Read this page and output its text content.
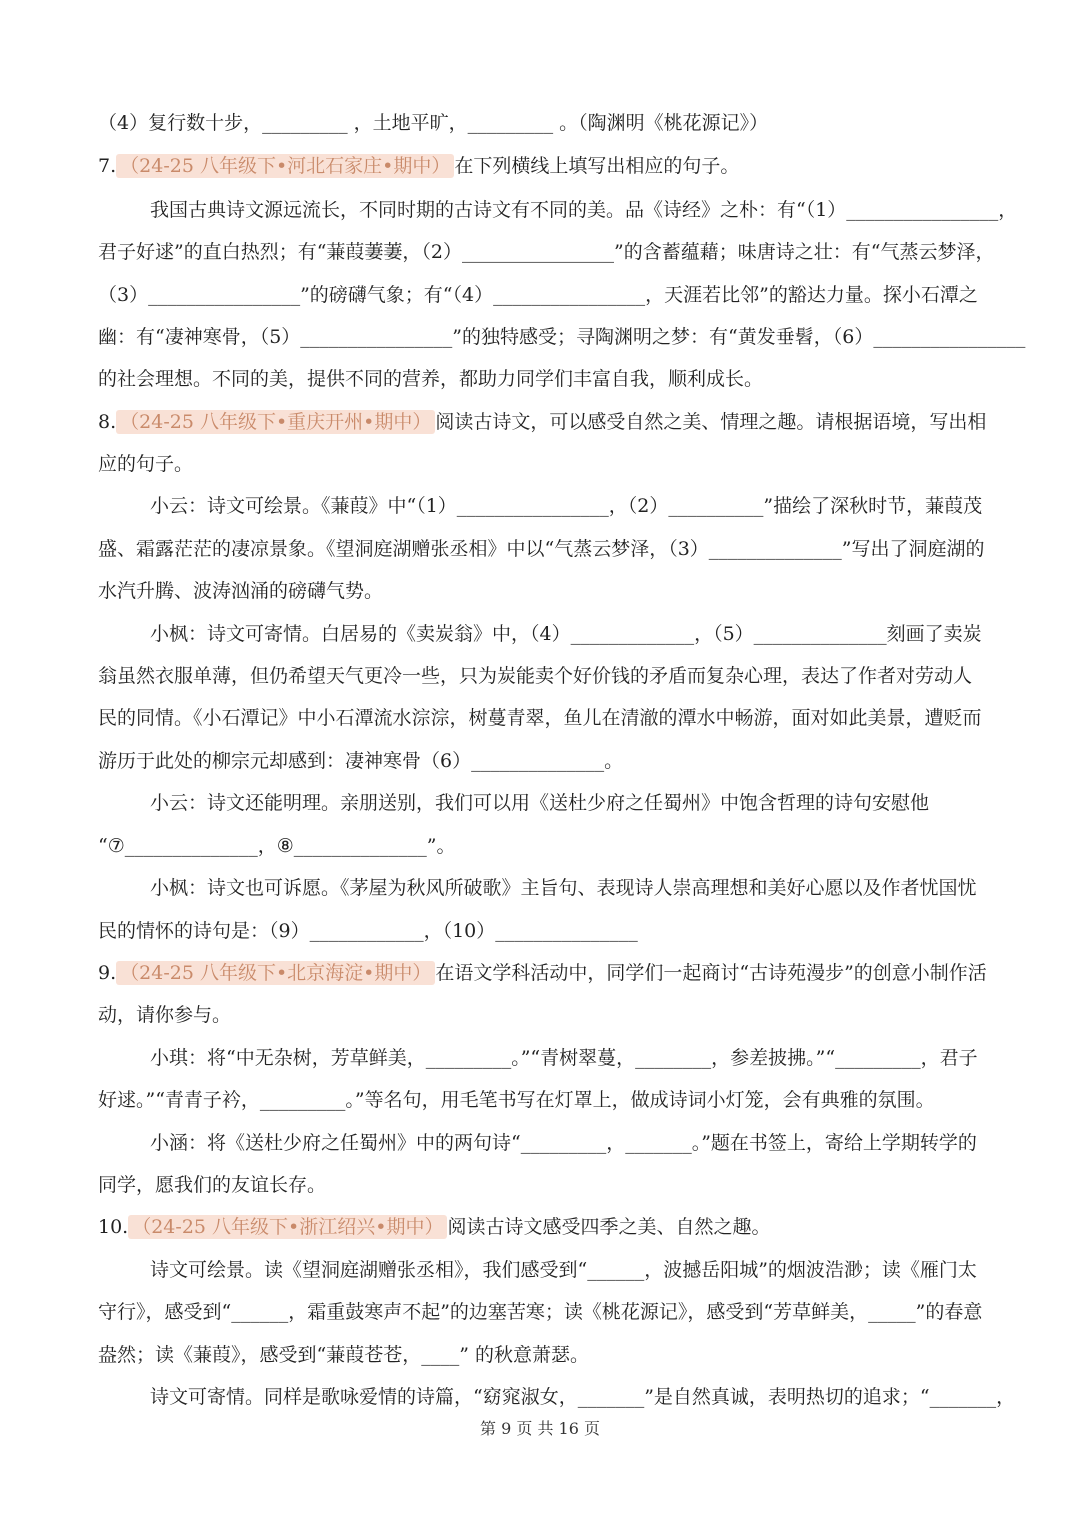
（4）复行数十步，_________ ，土地平旷，_________ 。（陶渊明《桃花源记》）
7. （24-25 八年级下•河北石家庄•期中） 在下列横线上填写出相应的句子。
我国古典诗文源远流长，不同时期的古诗文有不同的美。品《诗经》之朴：有“（1）________________，
君子好逑”的直白热烈；有“蒹葭萋萋，（2）________________”的含蓄蕴藉；味唐诗之壮：有“气蒸云梦泽，
（3）________________”的磅礴气象；有“（4）________________，天涯若比邻”的豁达力量。探小石潭之
幽：有“凄神寒骨，（5）________________”的独特感受；寻陶渊明之梦：有“黄发垂髫，（6）________________
的社会理想。不同的美，提供不同的营养，都助力同学们丰富自我，顺利成长。
8. （24-25 八年级下•重庆开州•期中） 阅读古诗文，可以感受自然之美、情理之趣。请根据语境，写出相
应的句子。
小云：诗文可绘景。《蒹葭》中“（1）________________，（2）__________”描绘了深秋时节，蒹葭茂
盛、霜露茫茫的凄凉景象。《望洞庭湖赠张丞相》中以“气蒸云梦泽，（3）______________”写出了洞庭湖的
水汽升腾、波涛汹涌的磅礴气势。
小枫：诗文可寄情。白居易的《卖炭翁》中，（4）_____________，（5）______________刻画了卖炭
翁虽然衣服单薄，但仍希望天气更冷一些，只为炭能卖个好价钱的矛盾而复杂心理，表达了作者对劳动人
民的同情。《小石潭记》中小石潭流水淙淙，树蔓青翠，鱼儿在清澈的潭水中畅游，面对如此美景，遭贬而
游历于此处的柳宗元却感到：凄神寒骨（6）______________。
小云：诗文还能明理。亲朋送别，我们可以用《送杜少府之任蜀州》中饱含哲理的诗句安慰他
“⑦______________，⑧______________”。
小枫：诗文也可诉愿。《茅屋为秋风所破歌》主旨句、表现诗人崇高理想和美好心愿以及作者忧国忧
民的情怀的诗句是：（9）____________，（10）_______________
9. （24-25 八年级下•北京海淀•期中） 在语文学科活动中，同学们一起商讨“古诗苑漫步”的创意小制作活
动，请你参与。
小琪：将“中无杂树，芳草鲜美，_________。”“青树翠蔓，________，参差披拂。”“_________，君子
好逑。”“青青子衿，_________。”等名句，用毛笔书写在灯罩上，做成诗词小灯笼，会有典雅的氛围。
小涵：将《送杜少府之任蜀州》中的两句诗“_________，_______。”题在书签上，寄给上学期转学的
同学，愿我们的友谊长存。
10. （24-25 八年级下•浙江绍兴•期中） 阅读古诗文感受四季之美、自然之趣。
诗文可绘景。读《望洞庭湖赠张丞相》，我们感受到“______，波撼岳阳城”的烟波浩渺；读《雁门太
守行》，感受到“______，霜重鼓寒声不起”的边塞苦寒；读《桃花源记》，感受到“芳草鲜美，_____”的春意
盎然；读《蒹葭》，感受到“蒹葭苍苍，____” 的秋意萧瑟。
诗文可寄情。同样是歌咏爱情的诗篇，“窈窕淑女，_______”是自然真诚，表明热切的追求；“_______，
第 9 页 共 16 页
